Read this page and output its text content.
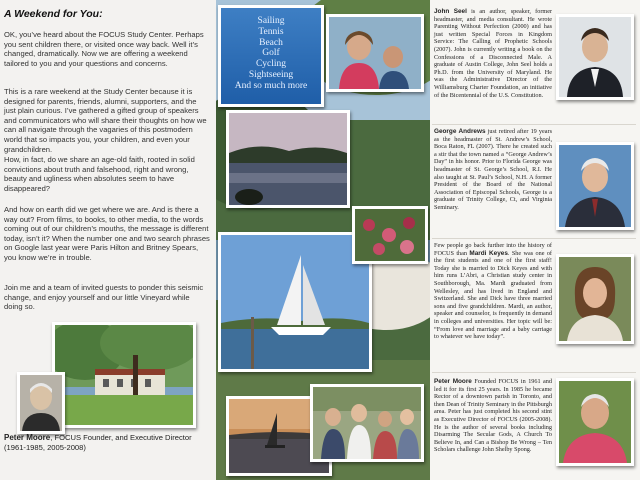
A Weekend for You:

OK, you’ve heard about the FOCUS Study Center. Perhaps you sent children there, or visited once way back. Well it’s changed, dramatically. Now we are offering a weekend tailored to you and your questions and concerns.

This is a rare weekend at the Study Center because it is designed for parents, friends, alumni, supporters, and the just plain curious. I’ve gathered a gifted group of speakers and communicators who will share their thoughts on how we can all navigate through the vagaries of this postmodern world that so impacts you, your children, and even your grandchildren.

How, in fact, do we share an age-old faith, rooted in solid convictions about truth and falsehood, right and wrong, beauty and ugliness when absolutes seem to have disappeared?

And how on earth did we get where we are. And is there a way out? From films, to books, to other media, to the words coming out of our children’s mouths, the message is different today, isn’t it? When the number one and two search phrases on Google last year were Paris Hilton and Britney Spears, you know we’re in trouble.

Join me and a team of invited guests to ponder this seismic change, and enjoy yourself and our little Vineyard while doing so.

Peter Moore, FOCUS Founder, and Executive Director (1961-1985, 2005-2008)
Sailing
Tennis
Beach
Golf
Cycling
Sightseeing
And so much more

John Seel is an author, speaker, former headmaster, and media consultant. He wrote Parenting Without Perfection (2000) and has just written Special Forces in Kingdom Service: The Calling of Prophetic Schools (2007). John is currently writing a book on the Confessions of a Disconnected Male. A graduate of Austin College, John Seel holds a Ph.D. from the University of Maryland. He was the Administrative Director of the Williamsburg Charter Foundation, an initiative of the Bicentennial of the U.S. Constitution.

George Andrews just retired after 19 years as the headmaster of St. Andrew’s School, Boca Raton, FL (2007). There he created such a stir that the town named a “George Andrew’s Day” in his honor. Prior to Florida George was headmaster of St. George’s School, R.I. He also taught at St. Paul’s School, N.H. A former President of the Board of the National Association of Episcopal Schools, George is a graduate of Trinity College, Ct, and Virginia Seminary.

Few people go back further into the history of FOCUS than Mardi Keyes. She was one of the first students and one of the first staff! Today she is married to Dick Keyes and with him runs L’Abri, a Christian study center in Southborough, Ma. Mardi graduated from Wellesley, and has lived in England and Switzerland. She and Dick have three married sons and five grandchildren. Mardi, an author, speaker and counselor, is frequently in demand in colleges and universities. Her topic will be: “From love and marriage and a baby carriage to whatever we have today”.

Peter Moore Founded FOCUS in 1961 and led it for its first 25 years. In 1985 he became Rector of a downtown parish in Toronto, and then Dean of Trinity Seminary in the Pittsburgh area. Peter has just completed his second stint as Executive Director of FOCUS (2005-2008). He is the author of several books including Disarming The Secular Gods, A Church To Believe In, and Can a Bishop Be Wrong – Ten Scholars challenge John Shelby Spong.
